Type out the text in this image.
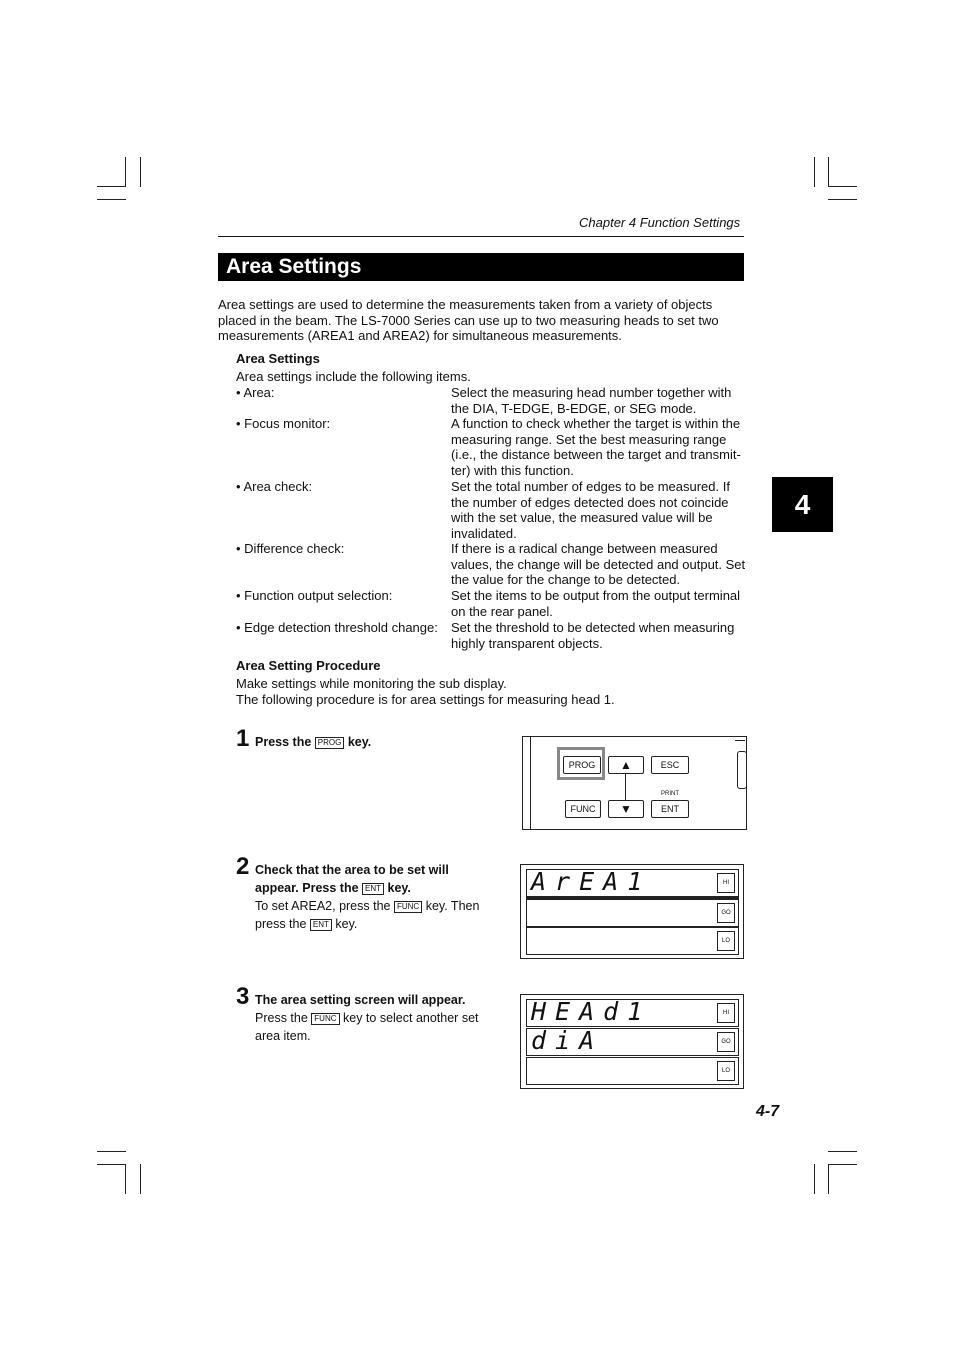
Chapter 4 Function Settings
Area Settings
4
Area settings are used to determine the measurements taken from a variety of objects placed in the beam. The LS-7000 Series can use up to two measuring heads to set two measurements (AREA1 and AREA2) for simultaneous measurements.
Area Settings
Area settings include the following items.
• Area:	Select the measuring head number together with the DIA, T-EDGE, B-EDGE, or SEG mode.
• Focus monitor:	A function to check whether the target is within the measuring range. Set the best measuring range (i.e., the distance between the target and transmit-ter) with this function.
• Area check:	Set the total number of edges to be measured. If the number of edges detected does not coincide with the set value, the measured value will be invalidated.
• Difference check:	If there is a radical change between measured values, the change will be detected and output. Set the value for the change to be detected.
• Function output selection:	Set the items to be output from the output terminal on the rear panel.
• Edge detection threshold change: Set the threshold to be detected when measuring highly transparent objects.
Area Setting Procedure
Make settings while monitoring the sub display.
The following procedure is for area settings for measuring head 1.
1 Press the PROG key.
2 Check that the area to be set will
appear. Press the ENT key.
To set AREA2, press the FUNC key. Then
press the ENT key.
3 The area setting screen will appear.
Press the FUNC key to select another set
area item.
PROG	▲	ESC
PRINT
FUNC	▼	ENT
ArEA1	HI
GO
LO
HEAd1	HI
diA	GO
LO
4-7
